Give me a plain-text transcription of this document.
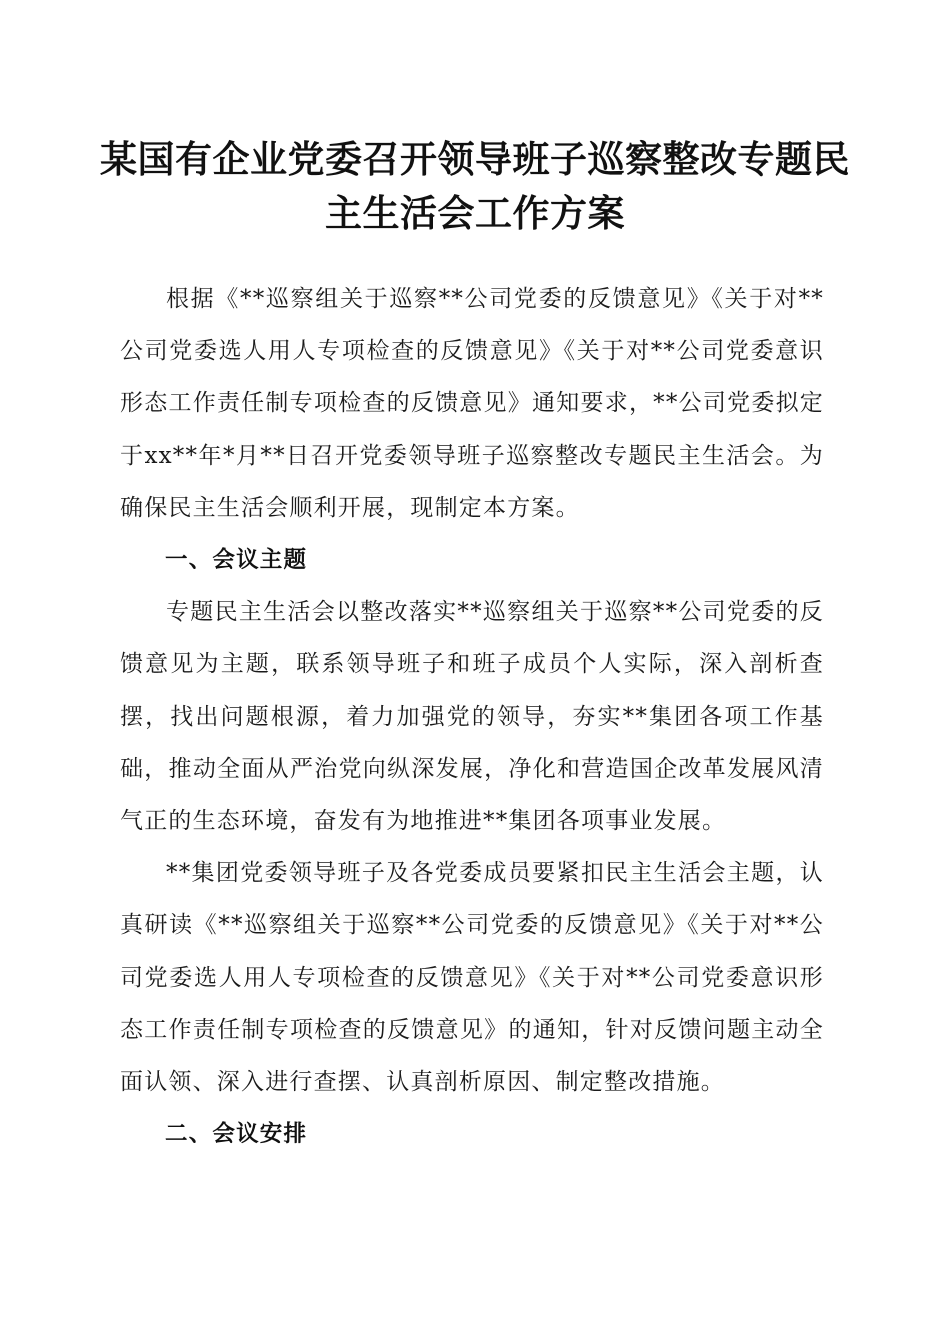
某国有企业党委召开领导班子巡察整改专题民
主生活会工作方案

根据《**巡察组关于巡察**公司党委的反馈意见》《关于对**公司党委选人用人专项检查的反馈意见》《关于对**公司党委意识形态工作责任制专项检查的反馈意见》通知要求，**公司党委拟定于xx**年*月**日召开党委领导班子巡察整改专题民主生活会。为确保民主生活会顺利开展，现制定本方案。

一、会议主题

专题民主生活会以整改落实**巡察组关于巡察**公司党委的反馈意见为主题，联系领导班子和班子成员个人实际，深入剖析查摆，找出问题根源，着力加强党的领导，夯实**集团各项工作基础，推动全面从严治党向纵深发展，净化和营造国企改革发展风清气正的生态环境，奋发有为地推进**集团各项事业发展。

**集团党委领导班子及各党委成员要紧扣民主生活会主题，认真研读《**巡察组关于巡察**公司党委的反馈意见》《关于对**公司党委选人用人专项检查的反馈意见》《关于对**公司党委意识形态工作责任制专项检查的反馈意见》的通知，针对反馈问题主动全面认领、深入进行查摆、认真剖析原因、制定整改措施。

二、会议安排
